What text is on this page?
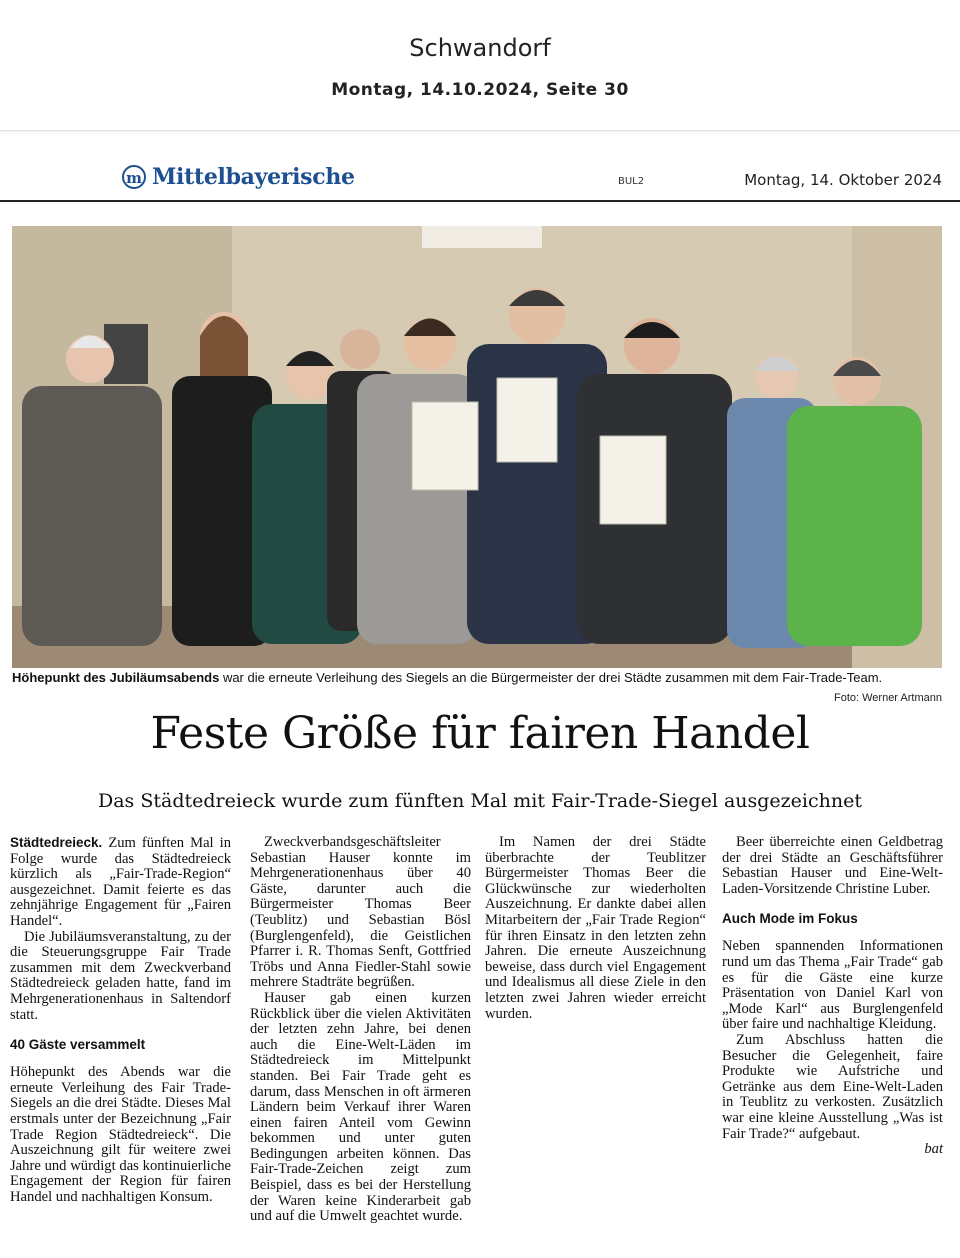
Schwandorf
Montag, 14.10.2024, Seite 30
m Mittelbayerische	BUL2	Montag, 14. Oktober 2024
Höhepunkt des Jubiläumsabends war die erneute Verleihung des Siegels an die Bürgermeister der drei Städte zusammen mit dem Fair-Trade-Team.
Foto: Werner Artmann
Feste Größe für fairen Handel
Das Städtedreieck wurde zum fünften Mal mit Fair-Trade-Siegel ausgezeichnet

Städtedreieck. Zum fünften Mal in Folge wurde das Städtedreieck kürzlich als „Fair-Trade-Region“ ausgezeichnet. Damit feierte es das zehnjährige Engagement für „Fairen Handel“.

Die Jubiläumsveranstaltung, zu der die Steuerungsgruppe Fair Trade zusammen mit dem Zweckverband Städtedreieck geladen hatte, fand im Mehrgenerationenhaus in Saltendorf statt.

40 Gäste versammelt

Höhepunkt des Abends war die erneute Verleihung des Fair Trade-Siegels an die drei Städte. Dieses Mal erstmals unter der Bezeichnung „Fair Trade Region Städtedreieck“. Die Auszeichnung gilt für weitere zwei Jahre und würdigt das kontinuierliche Engagement der Region für fairen Handel und nachhaltigen Konsum.

Zweckverbandsgeschäftsleiter Sebastian Hauser konnte im Mehrgenerationenhaus über 40 Gäste, darunter auch die Bürgermeister Thomas Beer (Teublitz) und Sebastian Bösl (Burglengenfeld), die Geistlichen Pfarrer i. R. Thomas Senft, Gottfried Tröbs und Anna Fiedler-Stahl sowie mehrere Stadträte begrüßen.

Hauser gab einen kurzen Rückblick über die vielen Aktivitäten der letzten zehn Jahre, bei denen auch die Eine-Welt-Läden im Städtedreieck im Mittelpunkt standen. Bei Fair Trade geht es darum, dass Menschen in oft ärmeren Ländern beim Verkauf ihrer Waren einen fairen Anteil vom Gewinn bekommen und unter guten Bedingungen arbeiten können. Das Fair-Trade-Zeichen zeigt zum Beispiel, dass es bei der Herstellung der Waren keine Kinderarbeit gab und auf die Umwelt geachtet wurde.

Im Namen der drei Städte überbrachte der Teublitzer Bürgermeister Thomas Beer die Glückwünsche zur wiederholten Auszeichnung. Er dankte dabei allen Mitarbeitern der „Fair Trade Region“ für ihren Einsatz in den letzten zehn Jahren. Die erneute Auszeichnung beweise, dass durch viel Engagement und Idealismus all diese Ziele in den letzten zwei Jahren wieder erreicht wurden.

Beer überreichte einen Geldbetrag der drei Städte an Geschäftsführer Sebastian Hauser und Eine-Welt-Laden-Vorsitzende Christine Luber.

Auch Mode im Fokus

Neben spannenden Informationen rund um das Thema „Fair Trade“ gab es für die Gäste eine kurze Präsentation von Daniel Karl von „Mode Karl“ aus Burglengenfeld über faire und nachhaltige Kleidung.

Zum Abschluss hatten die Besucher die Gelegenheit, faire Produkte wie Aufstriche und Getränke aus dem Eine-Welt-Laden in Teublitz zu verkosten. Zusätzlich war eine kleine Ausstellung „Was ist Fair Trade?“ aufgebaut.

bat
